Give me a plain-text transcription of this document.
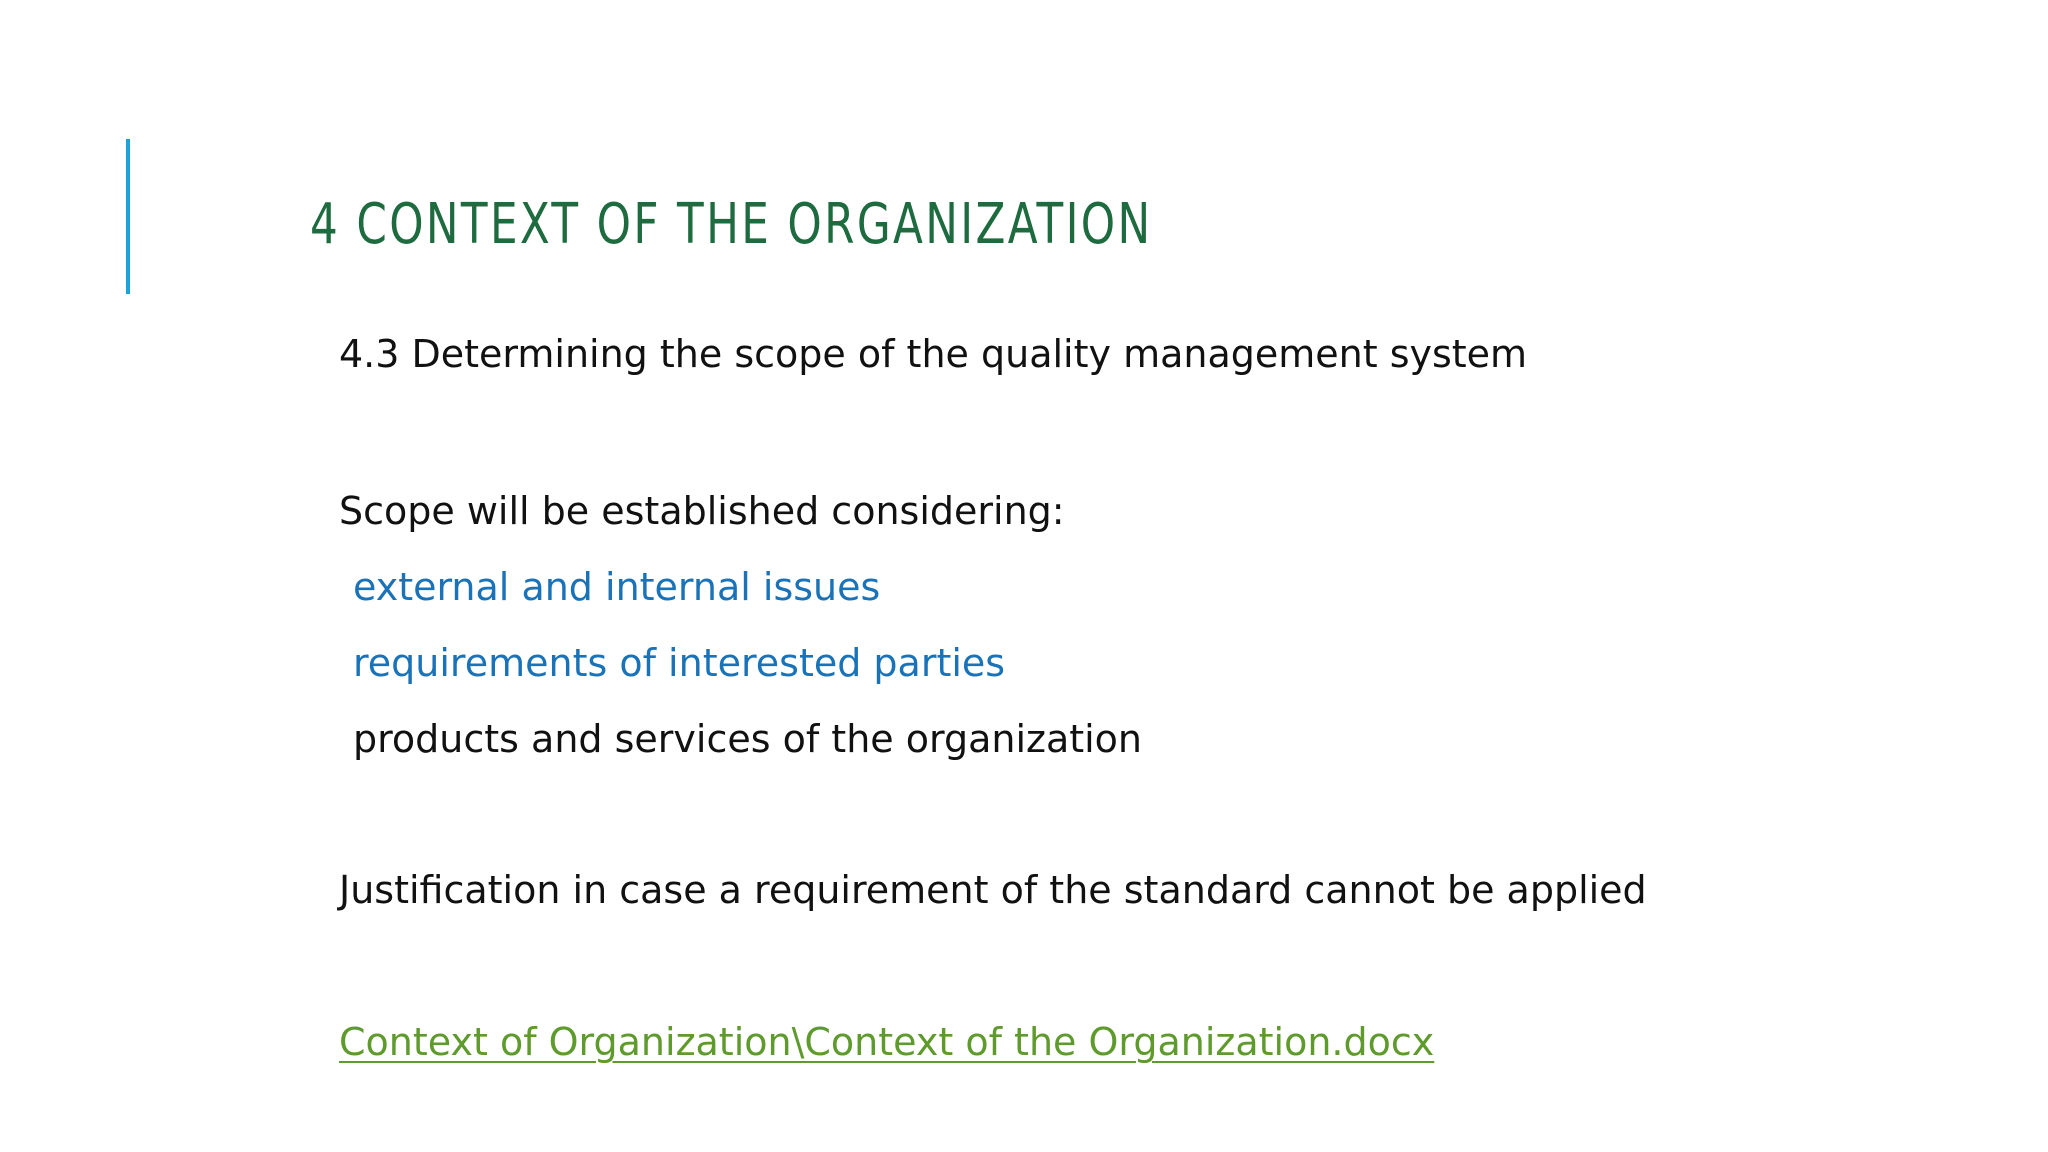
4 CONTEXT OF THE ORGANIZATION

4.3 Determining the scope of the quality management system

Scope will be established considering:

external and internal issues

requirements of interested parties

products and services of the organization

Justification in case a requirement of the standard cannot be applied

Context of Organization\Context of the Organization.docx
